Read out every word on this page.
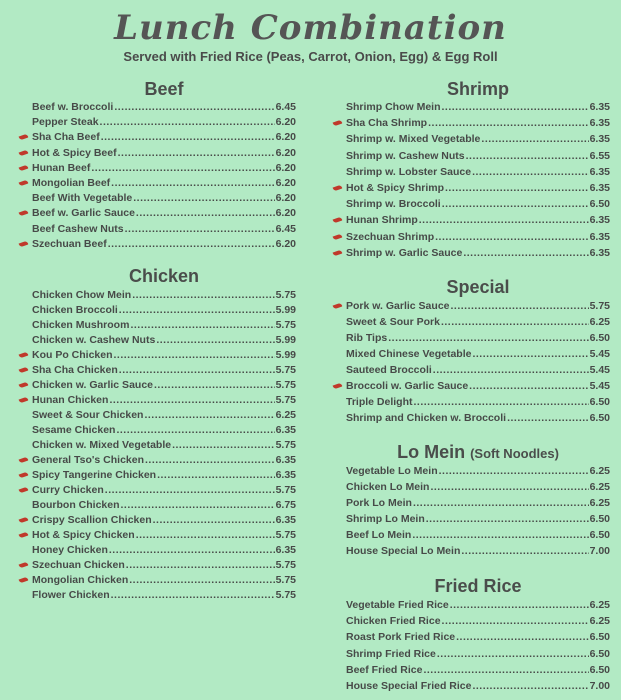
Lunch Combination
Served with Fried Rice (Peas, Carrot, Onion, Egg) & Egg Roll
Beef
Beef w. Broccoli .....	6.45
Pepper Steak .....	6.20
Sha Cha Beef .....	6.20
Hot & Spicy Beef .....	6.20
Hunan Beef .....	6.20
Mongolian Beef .....	6.20
Beef With Vegetable .....	6.20
Beef w. Garlic Sauce .....	6.20
Beef Cashew Nuts .....	6.45
Szechuan Beef .....	6.20
Chicken
Chicken Chow Mein .....	5.75
Chicken Broccoli .....	5.99
Chicken Mushroom .....	5.75
Chicken w. Cashew Nuts .....	5.99
Kou Po Chicken .....	5.99
Sha Cha Chicken .....	5.75
Chicken w. Garlic Sauce .....	5.75
Hunan Chicken .....	5.75
Sweet & Sour Chicken .....	6.25
Sesame Chicken .....	6.35
Chicken w. Mixed Vegetable .....	5.75
General Tso's Chicken .....	6.35
Spicy Tangerine Chicken .....	6.35
Curry Chicken .....	5.75
Bourbon Chicken .....	6.75
Crispy Scallion Chicken .....	6.35
Hot & Spicy Chicken .....	5.75
Honey Chicken .....	6.35
Szechuan Chicken .....	5.75
Mongolian Chicken .....	5.75
Flower Chicken .....	5.75
Shrimp
Shrimp Chow Mein .....	6.35
Sha Cha Shrimp .....	6.35
Shrimp w. Mixed Vegetable .....	6.35
Shrimp w. Cashew Nuts .....	6.55
Shrimp w. Lobster Sauce .....	6.35
Hot & Spicy Shrimp .....	6.35
Shrimp w. Broccoli .....	6.50
Hunan Shrimp .....	6.35
Szechuan Shrimp .....	6.35
Shrimp w. Garlic Sauce .....	6.35
Special
Pork w. Garlic Sauce .....	5.75
Sweet & Sour Pork .....	6.25
Rib Tips .....	6.50
Mixed Chinese Vegetable .....	5.45
Sauteed Broccoli .....	5.45
Broccoli w. Garlic Sauce .....	5.45
Triple Delight .....	6.50
Shrimp and Chicken w. Broccoli .....	6.50
Lo Mein (Soft Noodles)
Vegetable Lo Mein .....	6.25
Chicken Lo Mein .....	6.25
Pork Lo Mein .....	6.25
Shrimp Lo Mein .....	6.50
Beef Lo Mein .....	6.50
House Special Lo Mein .....	7.00
Fried Rice
Vegetable Fried Rice .....	6.25
Chicken Fried Rice .....	6.25
Roast Pork Fried Rice .....	6.50
Shrimp Fried Rice .....	6.50
Beef Fried Rice .....	6.50
House Special Fried Rice .....	7.00
